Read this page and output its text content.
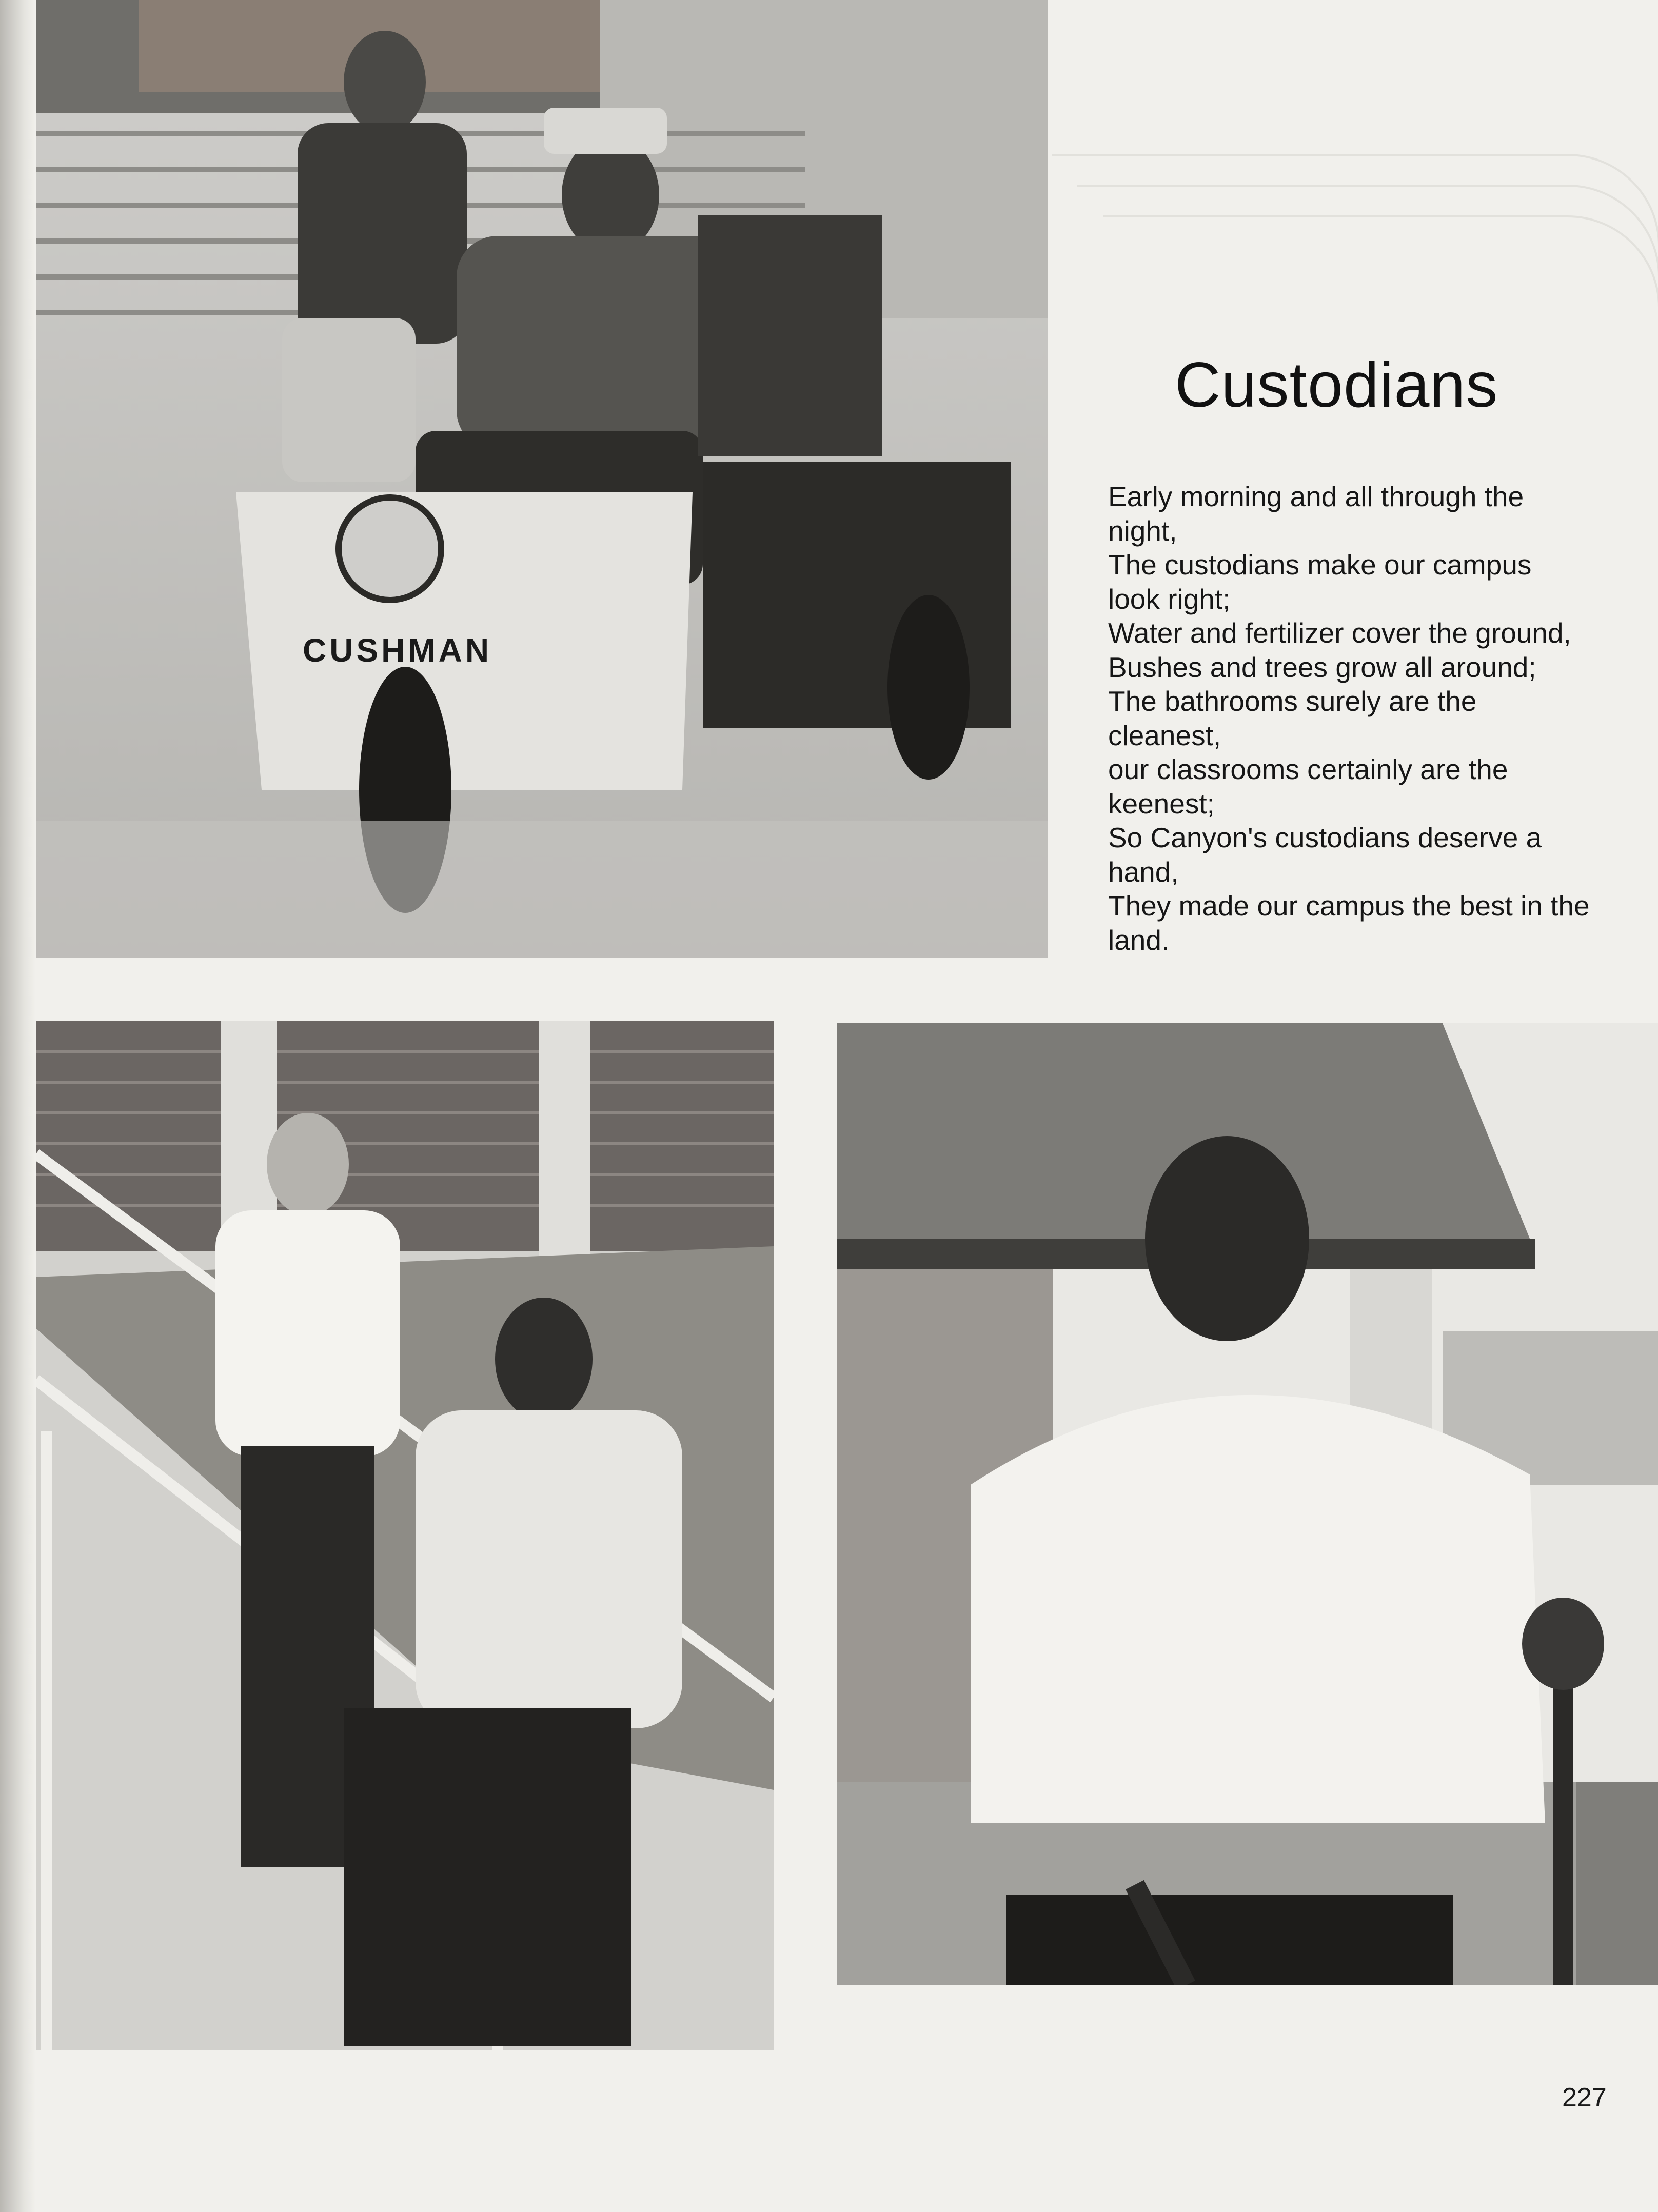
CUSHMAN
Custodians
Early morning and all through the
night,
The custodians make our campus
look right;
Water and fertilizer cover the ground,
Bushes and trees grow all around;
The bathrooms surely are the
cleanest,
our classrooms certainly are the
keenest;
So Canyon's custodians deserve a
hand,
They made our campus the best in the
land.
227
